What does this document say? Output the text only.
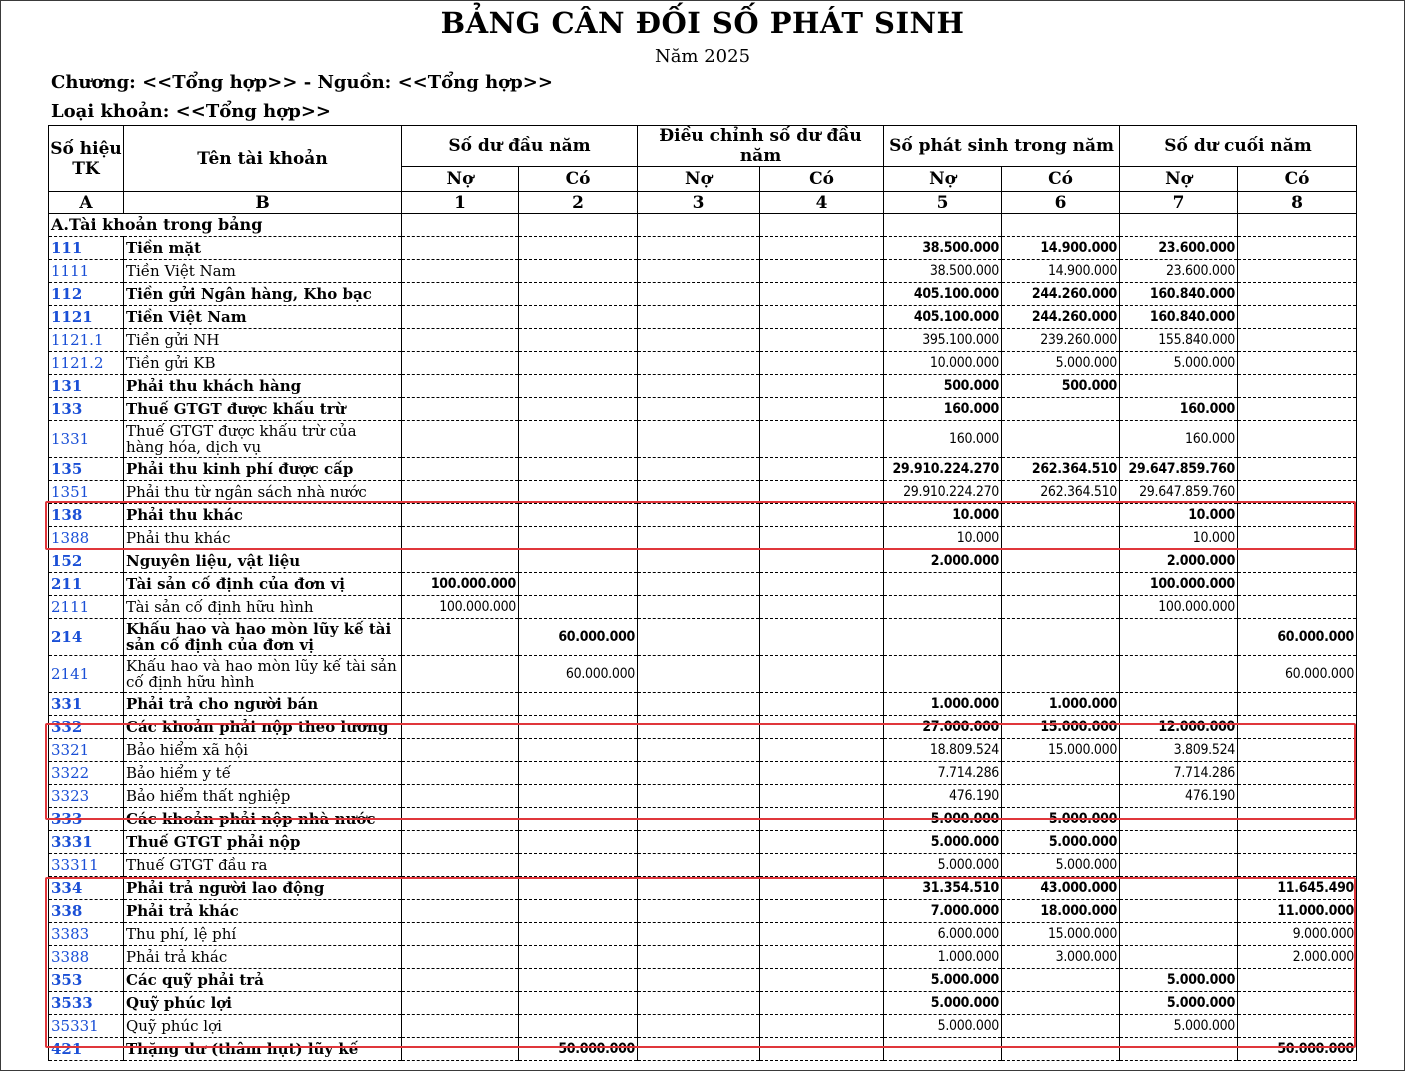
BẢNG CÂN ĐỐI SỐ PHÁT SINH
Năm 2025
Chương: <<Tổng hợp>> - Nguồn: <<Tổng hợp>>
Loại khoản: <<Tổng hợp>>
Số hiệu TK	Tên tài khoản	Số dư đầu năm		Điều chỉnh số dư đầu năm		Số phát sinh trong năm		Số dư cuối năm	
		Nợ	Có	Nợ	Có	Nợ	Có	Nợ	Có
A	B	1	2	3	4	5	6	7	8
A.Tài khoản trong bảng									
111	Tiền mặt					38.500.000	14.900.000	23.600.000	
1111	Tiền Việt Nam					38.500.000	14.900.000	23.600.000	
112	Tiền gửi Ngân hàng, Kho bạc					405.100.000	244.260.000	160.840.000	
1121	Tiền Việt Nam					405.100.000	244.260.000	160.840.000	
1121.1	Tiền gửi NH					395.100.000	239.260.000	155.840.000	
1121.2	Tiền gửi KB					10.000.000	5.000.000	5.000.000	
131	Phải thu khách hàng					500.000	500.000		
133	Thuế GTGT được khấu trừ					160.000		160.000	
1331	Thuế GTGT được khấu trừ của hàng hóa, dịch vụ					160.000		160.000	
135	Phải thu kinh phí được cấp					29.910.224.270	262.364.510	29.647.859.760	
1351	Phải thu từ ngân sách nhà nước					29.910.224.270	262.364.510	29.647.859.760	
138	Phải thu khác					10.000		10.000	
1388	Phải thu khác					10.000		10.000	
152	Nguyên liệu, vật liệu					2.000.000		2.000.000	
211	Tài sản cố định của đơn vị	100.000.000						100.000.000	
2111	Tài sản cố định hữu hình	100.000.000						100.000.000	
214	Khấu hao và hao mòn lũy kế tài sản cố định của đơn vị		60.000.000						60.000.000
2141	Khấu hao và hao mòn lũy kế tài sản cố định hữu hình		60.000.000						60.000.000
331	Phải trả cho người bán					1.000.000	1.000.000		
332	Các khoản phải nộp theo lương					27.000.000	15.000.000	12.000.000	
3321	Bảo hiểm xã hội					18.809.524	15.000.000	3.809.524	
3322	Bảo hiểm y tế					7.714.286		7.714.286	
3323	Bảo hiểm thất nghiệp					476.190		476.190	
333	Các khoản phải nộp nhà nước					5.000.000	5.000.000		
3331	Thuế GTGT phải nộp					5.000.000	5.000.000		
33311	Thuế GTGT đầu ra					5.000.000	5.000.000		
334	Phải trả người lao động					31.354.510	43.000.000		11.645.490
338	Phải trả khác					7.000.000	18.000.000		11.000.000
3383	Thu phí, lệ phí					6.000.000	15.000.000		9.000.000
3388	Phải trả khác					1.000.000	3.000.000		2.000.000
353	Các quỹ phải trả					5.000.000		5.000.000	
3533	Quỹ phúc lợi					5.000.000		5.000.000	
35331	Quỹ phúc lợi					5.000.000		5.000.000	
421	Thặng dư (thâm hụt) lũy kế		50.000.000						50.000.000
